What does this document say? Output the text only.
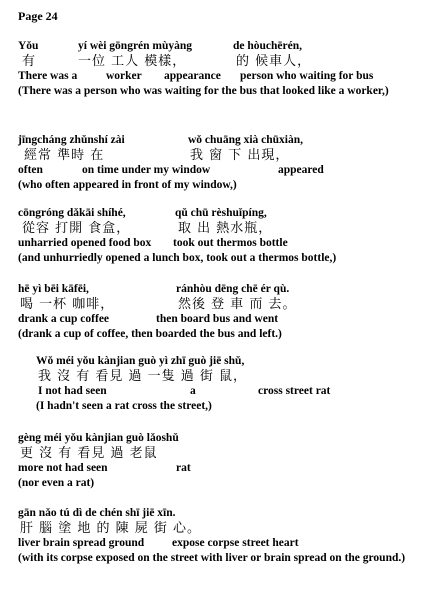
Page 24
Yǒu	yí wèi gōngrén mùyàng	de hòuchērén,
有	一位 工人 模樣，	的 候車人，
There was a	worker appearance person who waiting for bus
(There was a person who was waiting for the bus that looked like a worker,)
jīngcháng zhǔnshí zài	wǒ chuāng xià chūxiàn,
經常 準時 在	我 窗 下 出現，
often	on time under my window	appeared
(who often appeared in front of my window,)
cōngróng dǎkāi shíhé,	qǔ chū rèshuǐpíng,
從容 打開 食盒，	取 出 熱水瓶，
unharried opened food box took out thermos bottle
(and unhurriedly opened a lunch box, took out a thermos bottle,)
hē yì bēi kāfēi,	ránhòu dēng chē ér qù.
喝 一杯 咖啡，	然後 登 車 而 去。
drank a cup coffee	then board bus and went
(drank a cup of coffee, then boarded the bus and left.)
Wǒ méi yǒu kànjian guò yì zhī guò jiē shǔ,
我 沒 有 看見 過 一隻 過 街 鼠，
I not had seen	a	cross street rat
(I hadn't seen a rat cross the street,)
gèng méi yǒu kànjian guò lǎoshǔ
更 沒 有 看見 過 老鼠
more not had seen	rat
(nor even a rat)
gān nǎo tú dì de chén shī jiē xīn.
肝 腦 塗 地 的 陳 屍 街 心。
liver brain spread ground expose corpse street heart
(with its corpse exposed on the street with liver or brain spread on the ground.)
